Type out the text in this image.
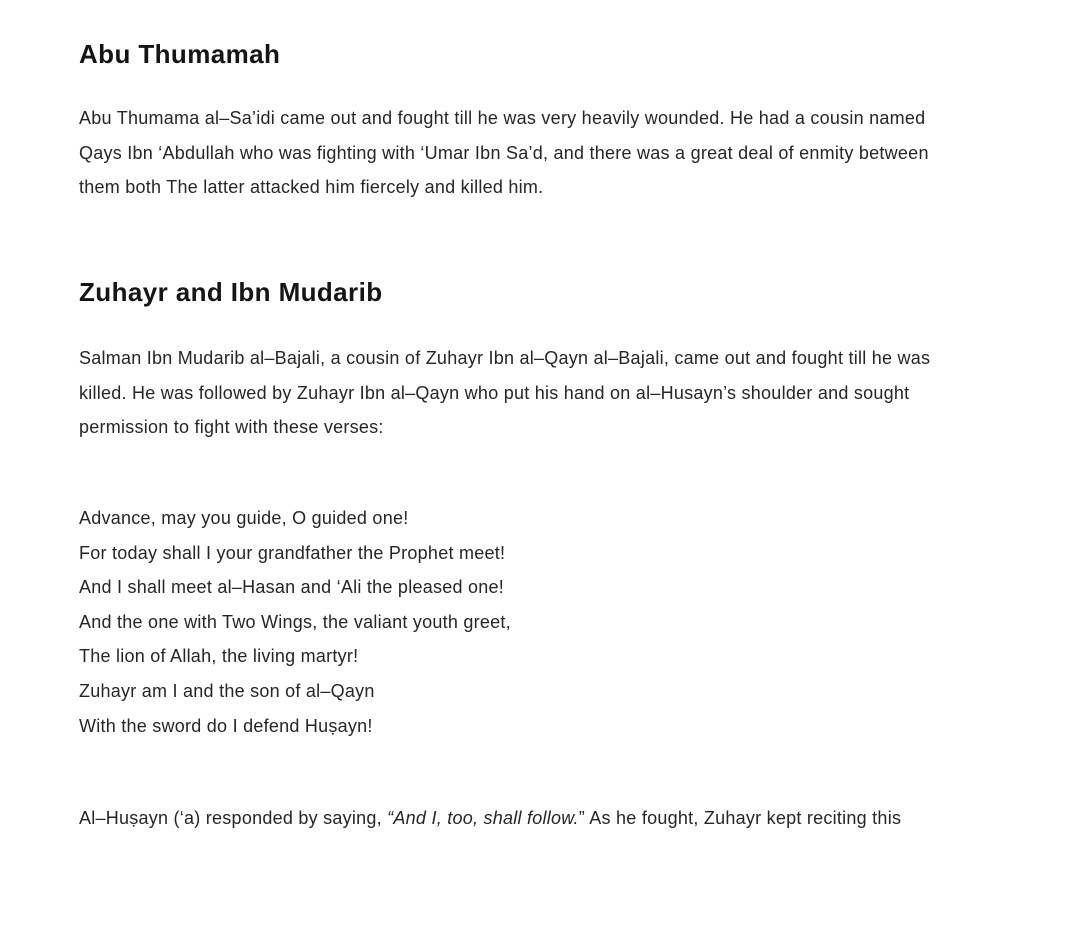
Abu Thumamah
Abu Thumama al–Sa’idi came out and fought till he was very heavily wounded. He had a cousin named
Qays Ibn ‘Abdullah who was fighting with ‘Umar Ibn Sa’d, and there was a great deal of enmity between
them both The latter attacked him fiercely and killed him.
Zuhayr and Ibn Mudarib
Salman Ibn Mudarib al–Bajali, a cousin of Zuhayr Ibn al–Qayn al–Bajali, came out and fought till he was
killed. He was followed by Zuhayr Ibn al–Qayn who put his hand on al–Husayn’s shoulder and sought
permission to fight with these verses:
Advance, may you guide, O guided one!
For today shall I your grandfather the Prophet meet!
And I shall meet al–Hasan and ‘Ali the pleased one!
And the one with Two Wings, the valiant youth greet,
The lion of Allah, the living martyr!
Zuhayr am I and the son of al–Qayn
With the sword do I defend Huṣayn!
Al–Huṣayn (‘a) responded by saying, “And I, too, shall follow.” As he fought, Zuhayr kept reciting this
